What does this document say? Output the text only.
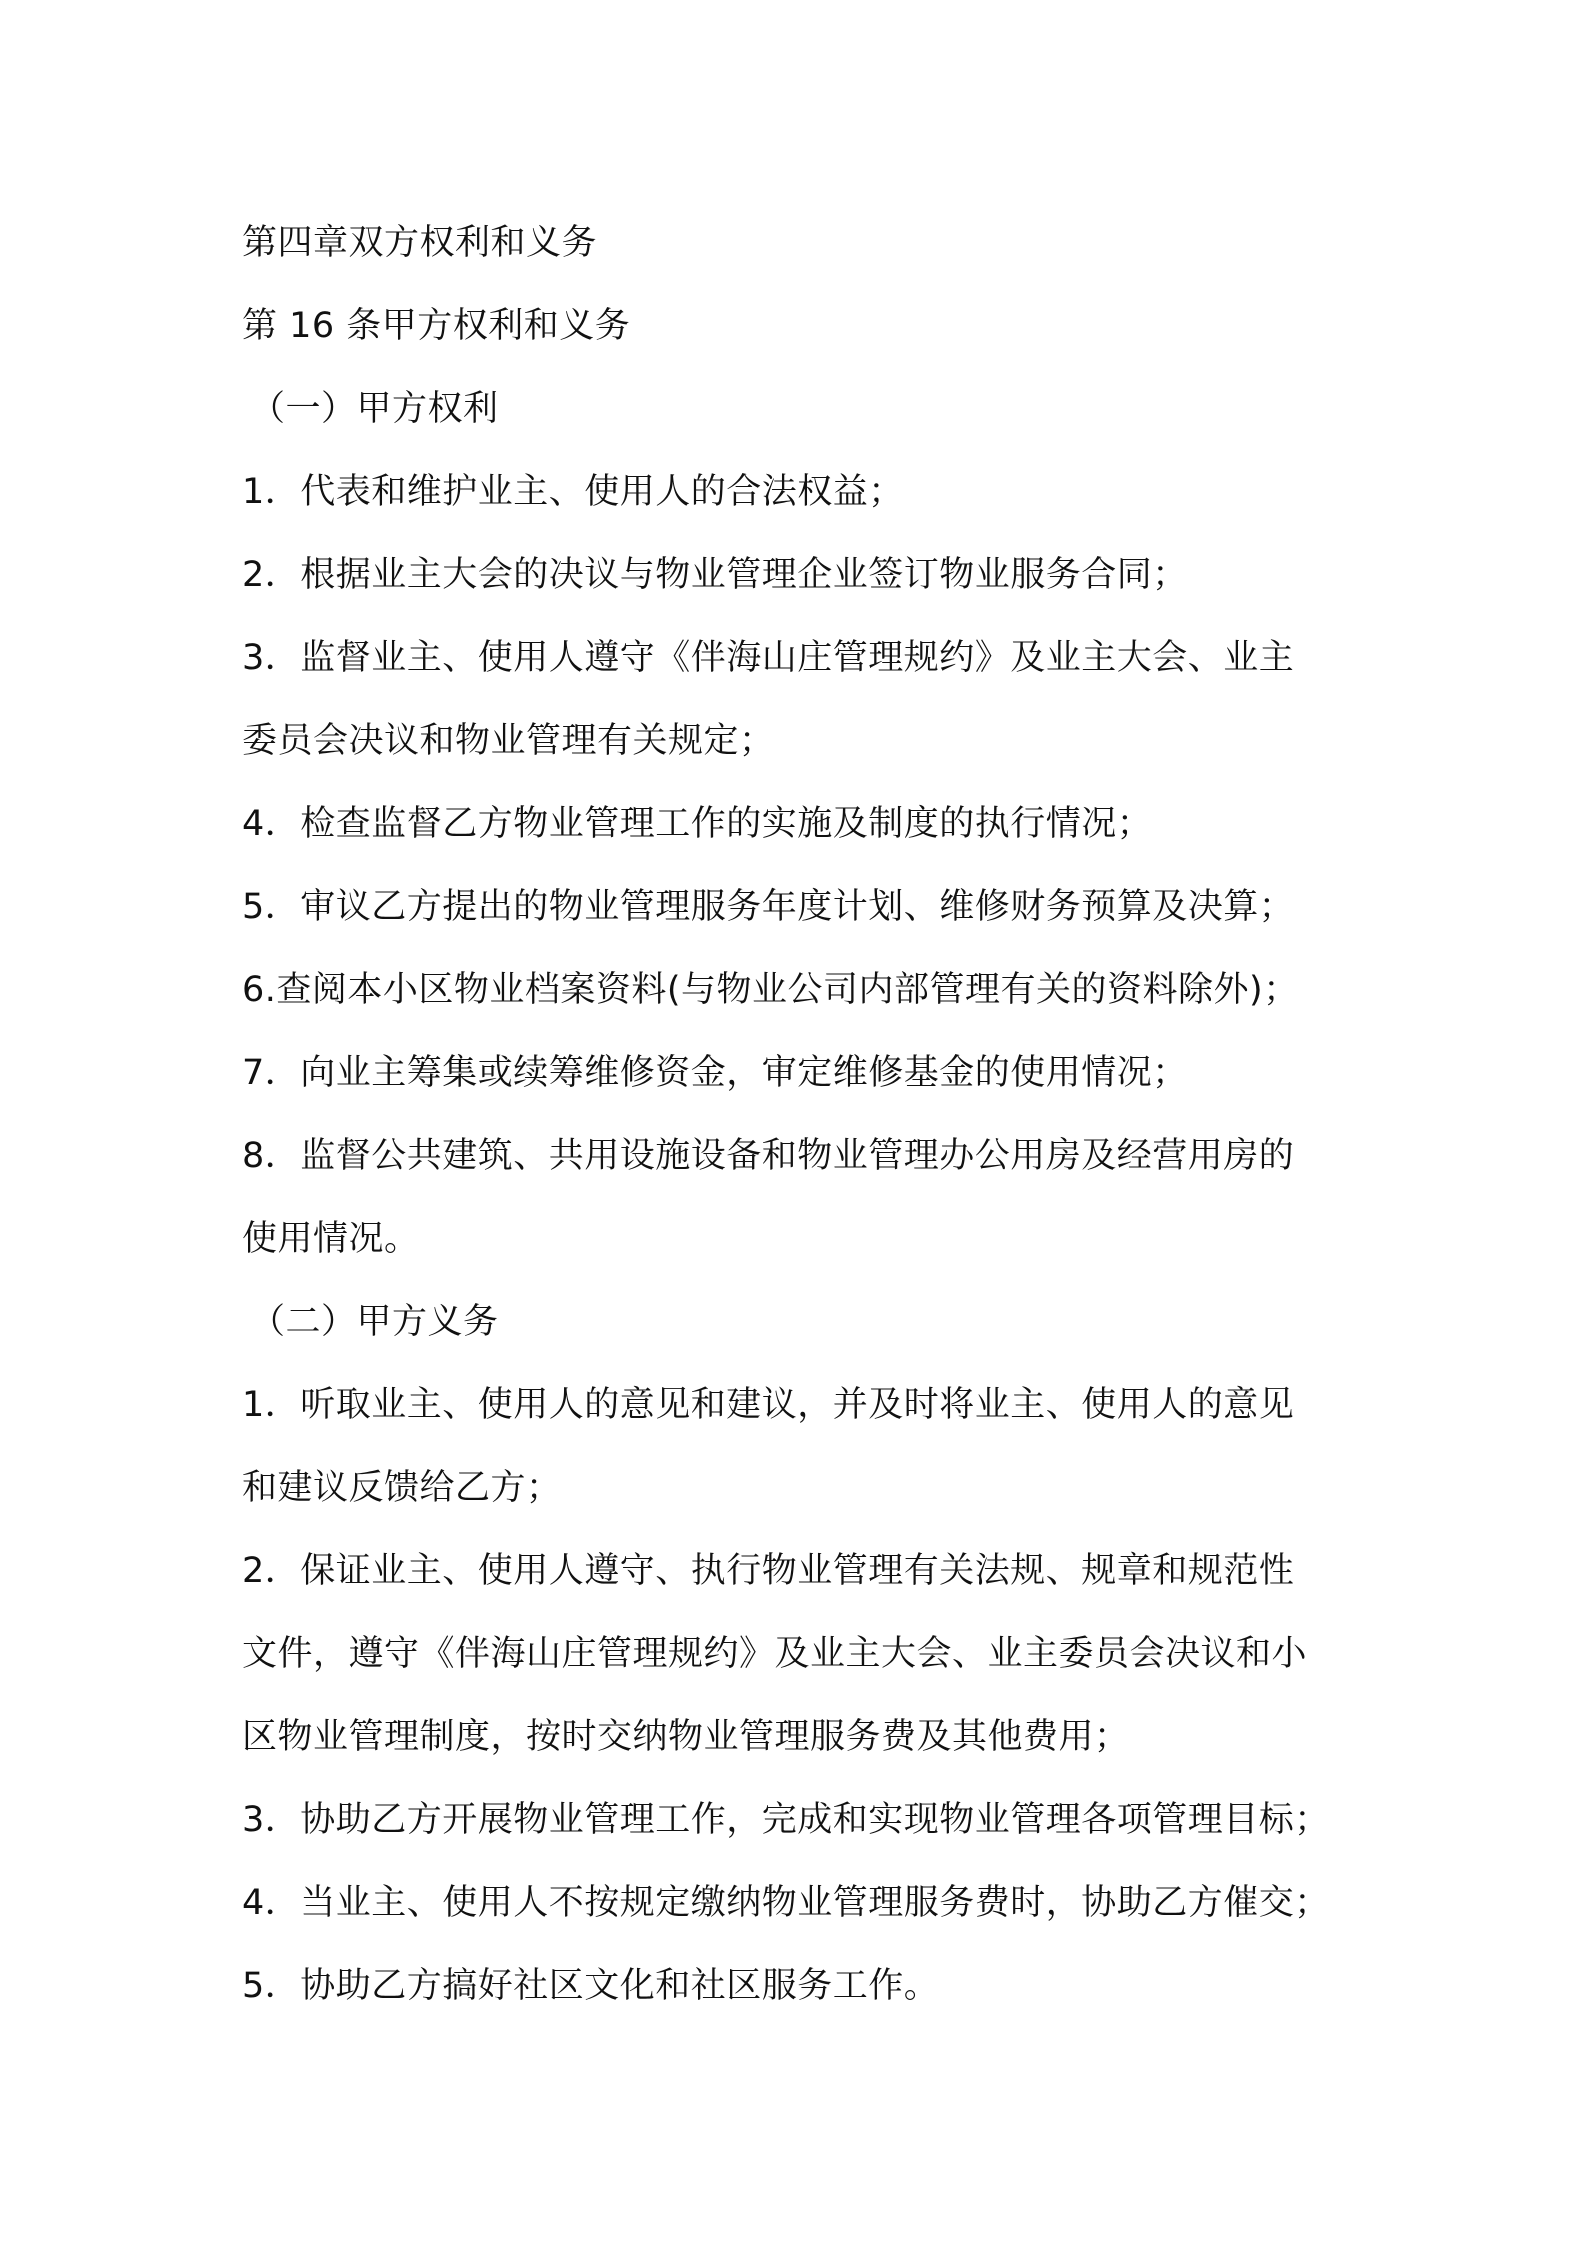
第四章双方权利和义务
第 16 条甲方权利和义务
（一）甲方权利
1．代表和维护业主、使用人的合法权益；
2．根据业主大会的决议与物业管理企业签订物业服务合同；
3．监督业主、使用人遵守《伴海山庄管理规约》及业主大会、业主
委员会决议和物业管理有关规定；
4．检查监督乙方物业管理工作的实施及制度的执行情况；
5．审议乙方提出的物业管理服务年度计划、维修财务预算及决算；
6.查阅本小区物业档案资料(与物业公司内部管理有关的资料除外)；
7．向业主筹集或续筹维修资金，审定维修基金的使用情况；
8．监督公共建筑、共用设施设备和物业管理办公用房及经营用房的
使用情况。
（二）甲方义务
1．听取业主、使用人的意见和建议，并及时将业主、使用人的意见
和建议反馈给乙方；
2．保证业主、使用人遵守、执行物业管理有关法规、规章和规范性
文件，遵守《伴海山庄管理规约》及业主大会、业主委员会决议和小
区物业管理制度，按时交纳物业管理服务费及其他费用；
3．协助乙方开展物业管理工作，完成和实现物业管理各项管理目标；
4．当业主、使用人不按规定缴纳物业管理服务费时，协助乙方催交；
5．协助乙方搞好社区文化和社区服务工作。
